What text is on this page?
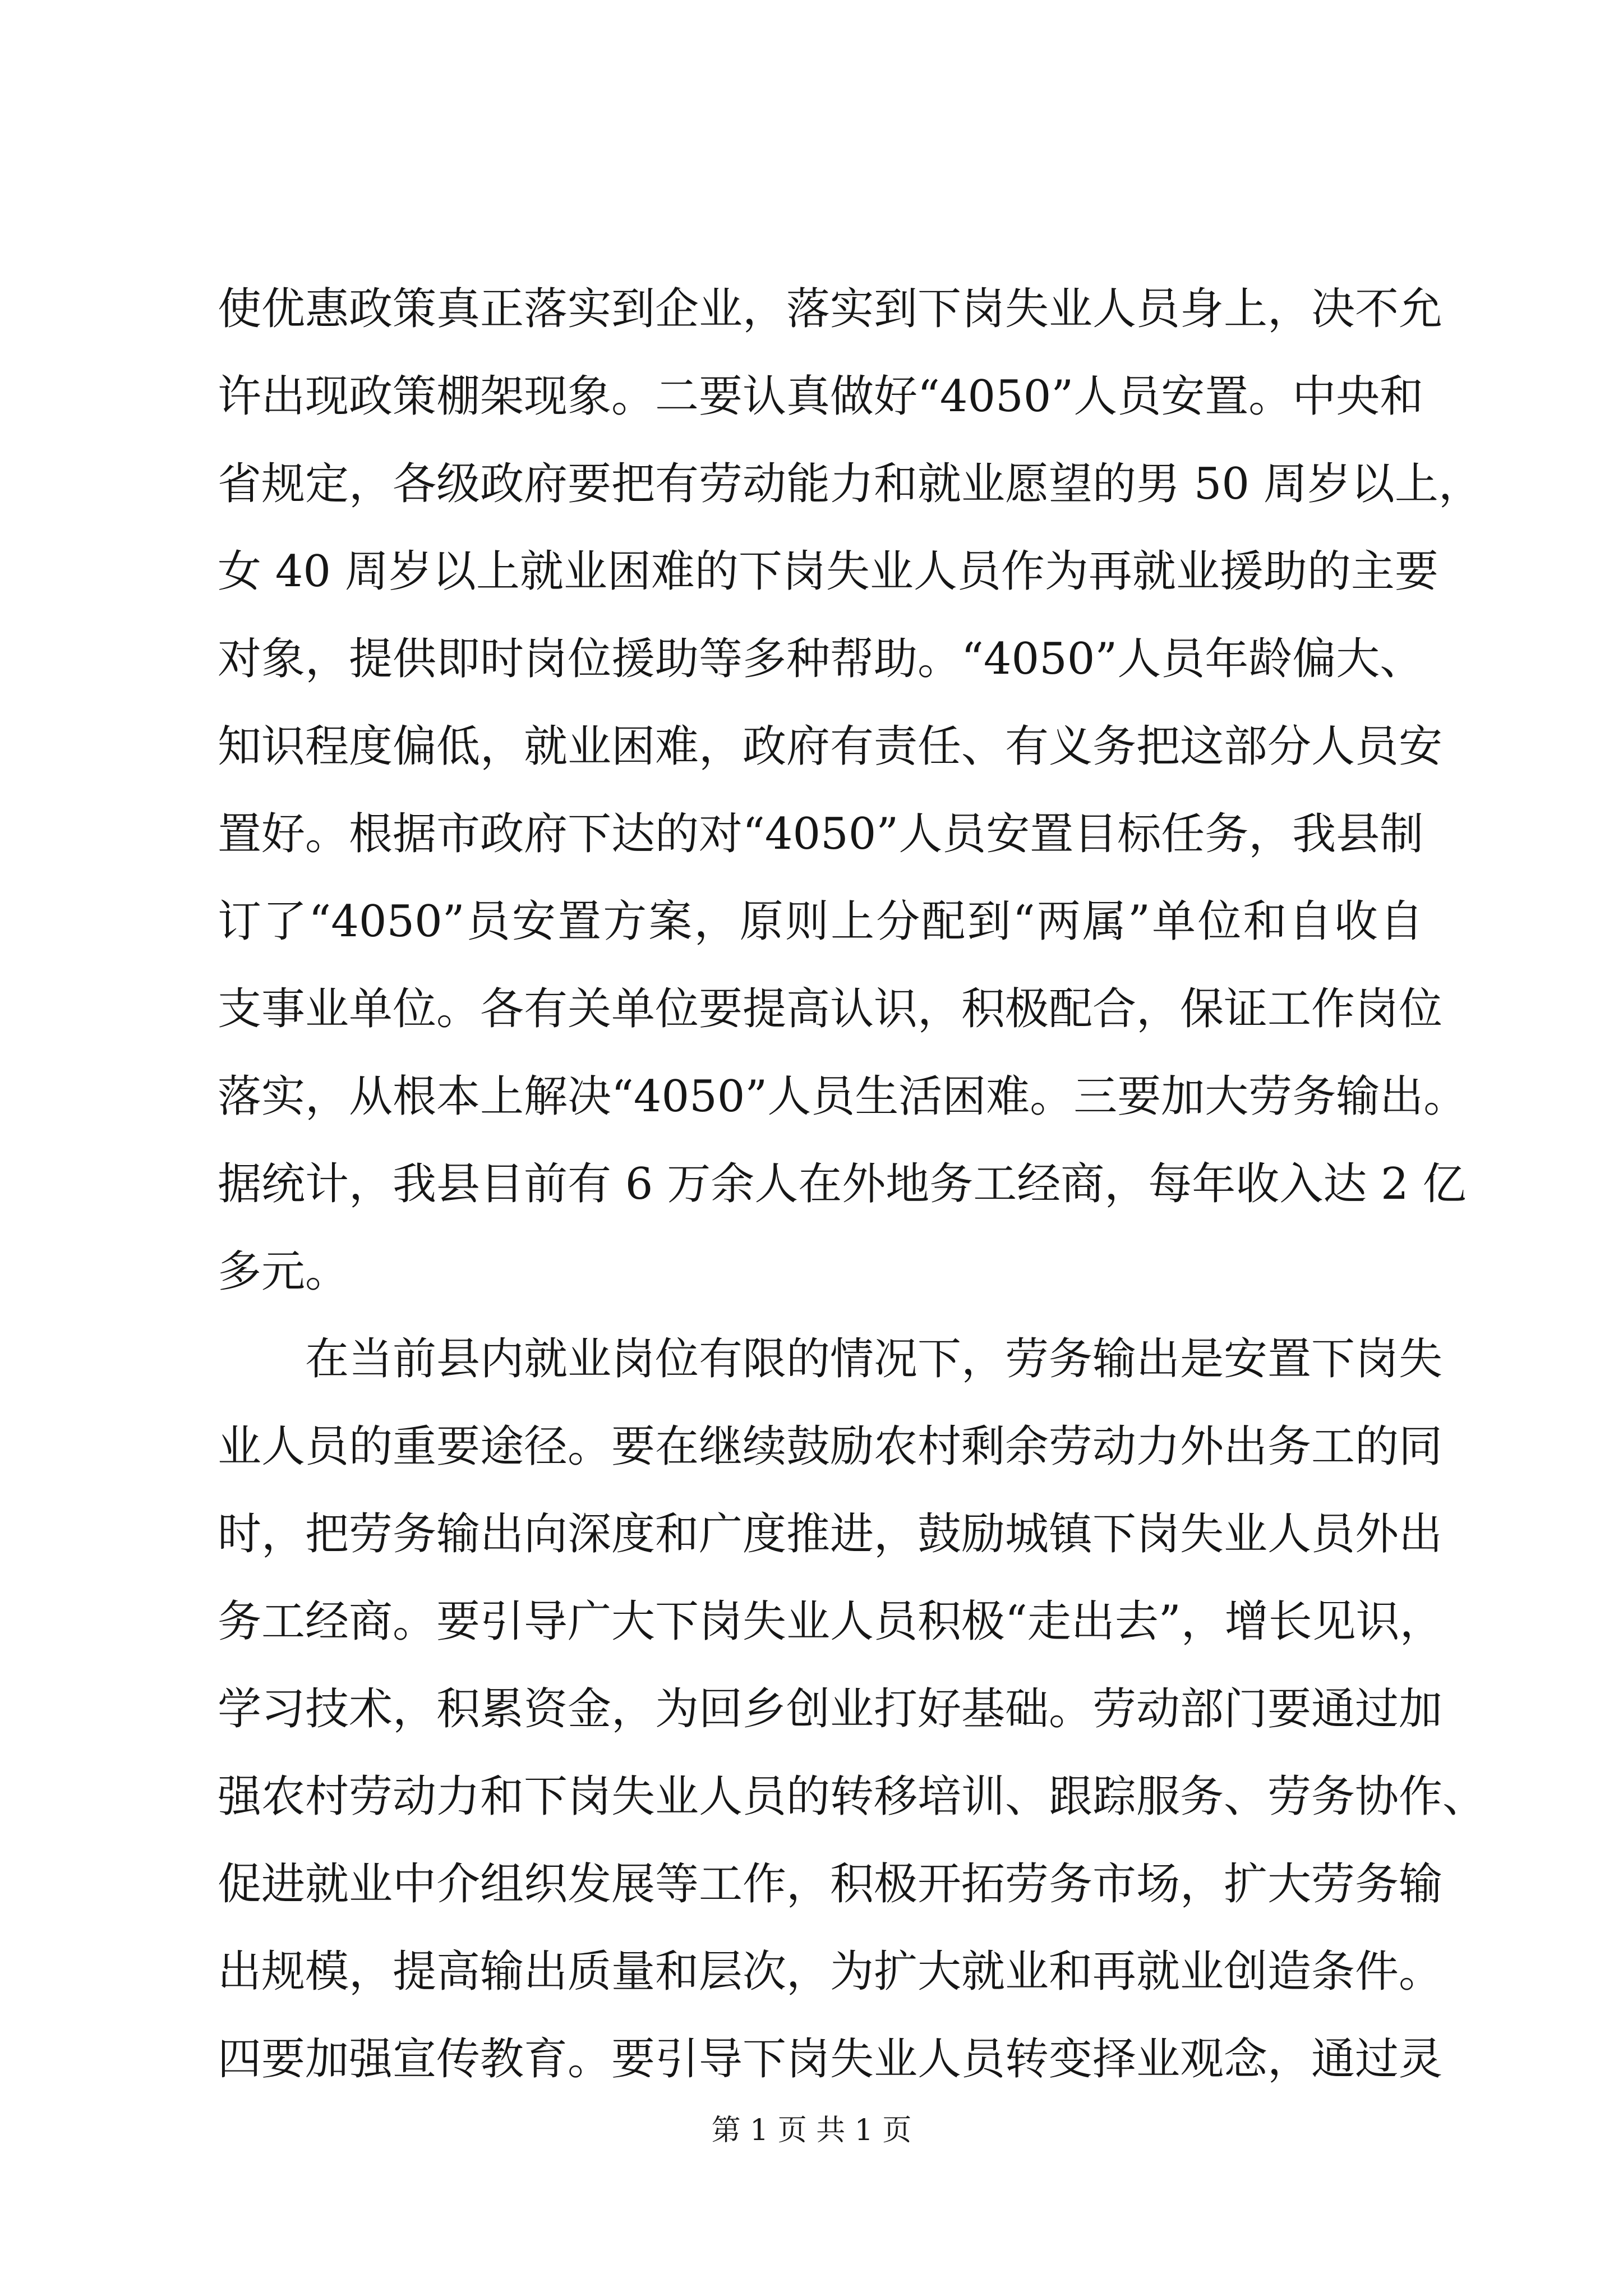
使优惠政策真正落实到企业，落实到下岗失业人员身上，决不允
许出现政策棚架现象。二要认真做好“4050”人员安置。中央和
省规定，各级政府要把有劳动能力和就业愿望的男 50 周岁以上，
女 40 周岁以上就业困难的下岗失业人员作为再就业援助的主要
对象，提供即时岗位援助等多种帮助。“4050”人员年龄偏大、
知识程度偏低，就业困难，政府有责任、有义务把这部分人员安
置好。根据市政府下达的对“4050”人员安置目标任务，我县制
订了“4050”员安置方案，原则上分配到“两属”单位和自收自
支事业单位。各有关单位要提高认识，积极配合，保证工作岗位
落实，从根本上解决“4050”人员生活困难。三要加大劳务输出。
据统计，我县目前有 6 万余人在外地务工经商，每年收入达 2 亿
多元。
在当前县内就业岗位有限的情况下，劳务输出是安置下岗失
业人员的重要途径。要在继续鼓励农村剩余劳动力外出务工的同
时，把劳务输出向深度和广度推进，鼓励城镇下岗失业人员外出
务工经商。要引导广大下岗失业人员积极“走出去”，增长见识，
学习技术，积累资金，为回乡创业打好基础。劳动部门要通过加
强农村劳动力和下岗失业人员的转移培训、跟踪服务、劳务协作、
促进就业中介组织发展等工作，积极开拓劳务市场，扩大劳务输
出规模，提高输出质量和层次，为扩大就业和再就业创造条件。
四要加强宣传教育。要引导下岗失业人员转变择业观念，通过灵
第 1 页 共 1 页
